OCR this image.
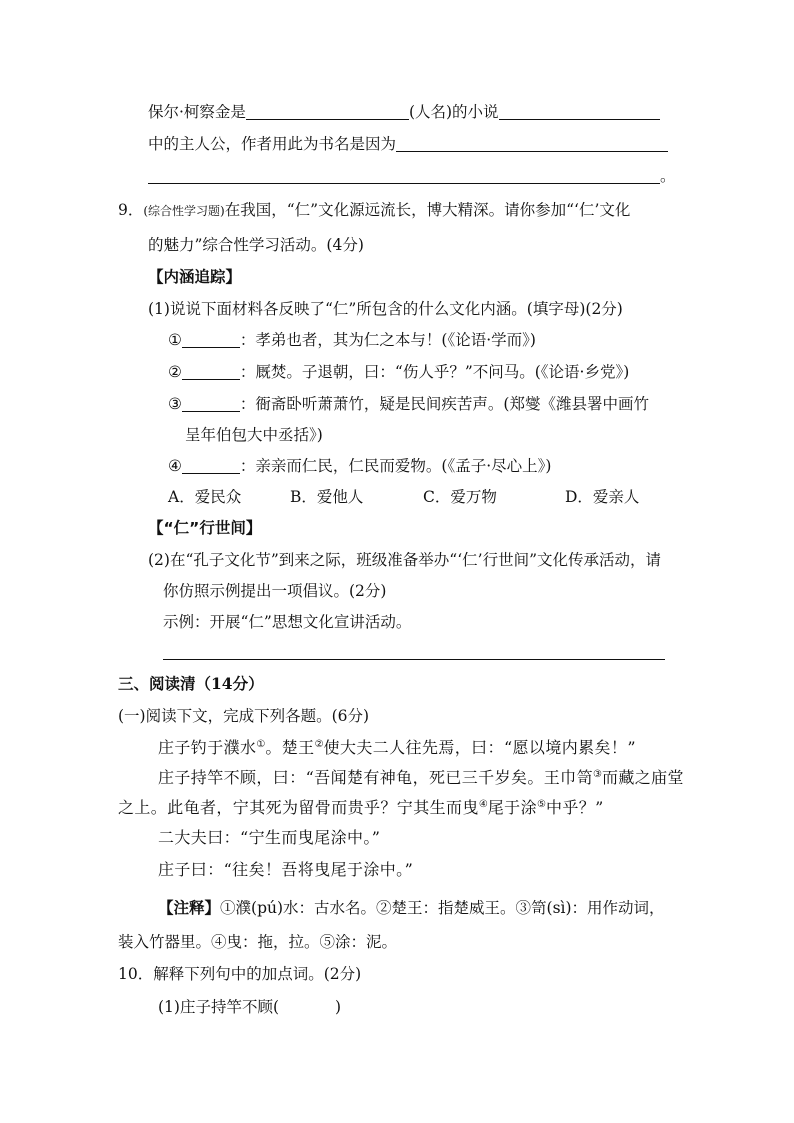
保尔·柯察金是	(人名)的小说
中的主人公，作者用此为书名是因为
。
9． (综合性学习题) 在我国，“仁”文化源远流长，博大精深。请你参加“‘仁’文化
的魅力”综合性学习活动。(4分)
【内涵追踪】
(1)说说下面材料各反映了“仁”所包含的什么文化内涵。(填字母)(2分)
①	：孝弟也者，其为仁之本与！(《论语·学而》)
②	：厩焚。子退朝，曰：“伤人乎？”不问马。(《论语·乡党》)
③	：衙斋卧听萧萧竹，疑是民间疾苦声。(郑燮《潍县署中画竹
呈年伯包大中丞括》)
④	：亲亲而仁民，仁民而爱物。(《孟子·尽心上》)
A．爱民众	B．爱他人	C．爱万物	D．爱亲人
【“仁”行世间】
(2)在“孔子文化节”到来之际，班级准备举办“‘仁’行世间”文化传承活动，请
你仿照示例提出一项倡议。(2分)
示例：开展“仁”思想文化宣讲活动。
三、阅读清（14分）
(一)阅读下文，完成下列各题。(6分)
庄子钓于濮水 ① 。楚王 ② 使大夫二人往先焉，曰：“愿以境内累矣！”
庄子持竿不顾，曰：“吾闻楚有神龟，死已三千岁矣。王巾笥 ③ 而藏之庙堂
之上。此龟者，宁其死为留骨而贵乎？宁其生而曳 ④ 尾于涂 ⑤ 中乎？”
二大夫曰：“宁生而曳尾涂中。”
庄子曰：“往矣！吾将曳尾于涂中。”
【注释】 ①濮(pú)水：古水名。②楚王：指楚威王。③笥(sì)：用作动词，
装入竹器里。④曳：拖，拉。⑤涂：泥。
10．解释下列句中的加点词。(2分)
(1)庄子持竿不顾(	)
